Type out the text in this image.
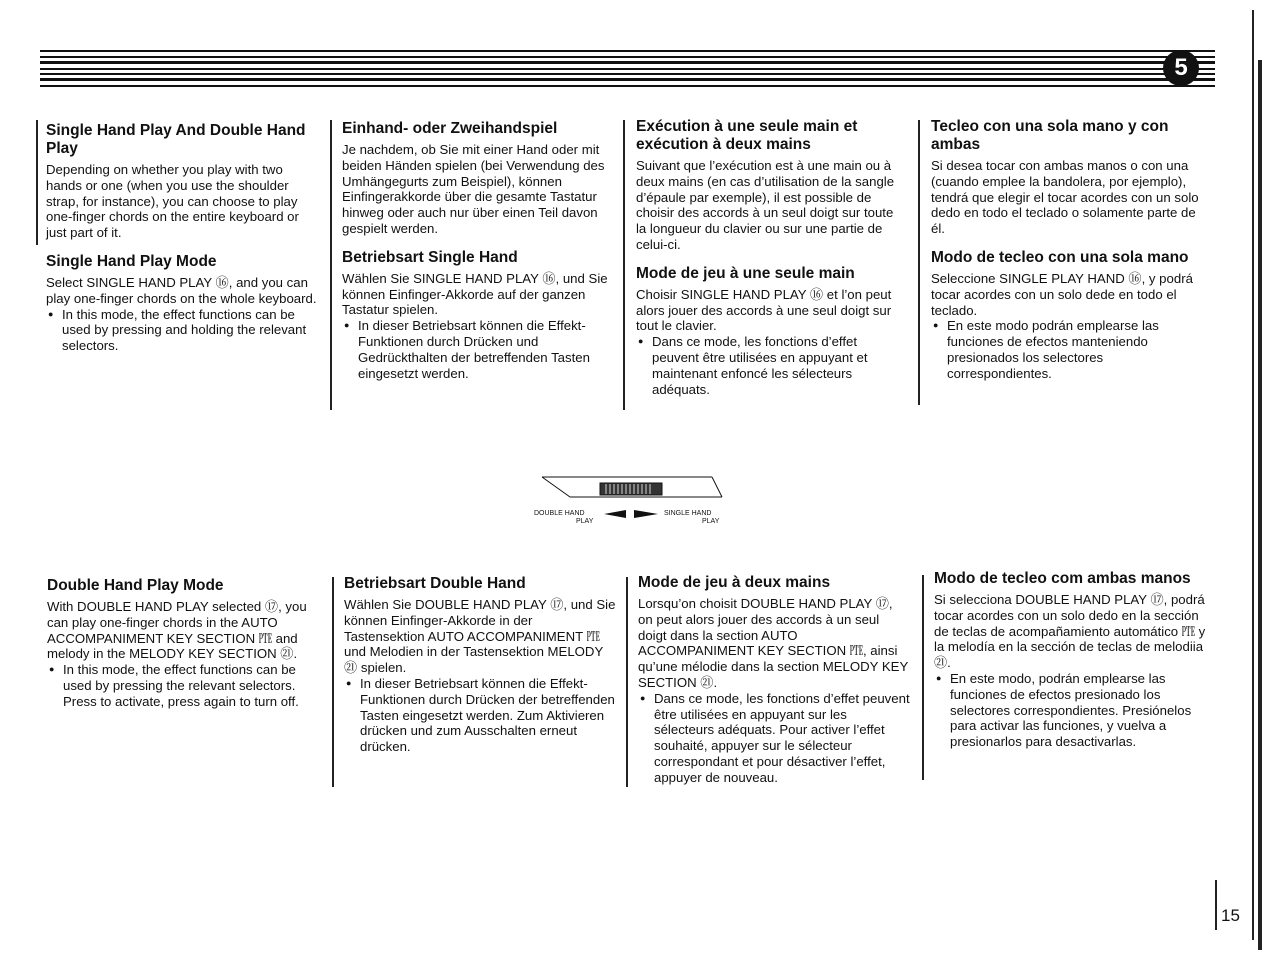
5
Single Hand Play And Double Hand Play

Depending on whether you play with two hands or one (when you use the shoulder strap, for instance), you can choose to play one-finger chords on the entire keyboard or just part of it.

Single Hand Play Mode

Select SINGLE HAND PLAY ⑯, and you can play one-finger chords on the whole keyboard.

● In this mode, the effect functions can be used by pressing and holding the relevant selectors.
Einhand- oder Zweihandspiel

Je nachdem, ob Sie mit einer Hand oder mit beiden Händen spielen (bei Verwendung des Umhängegurts zum Beispiel), können Einfingerakkorde über die gesamte Tastatur hinweg oder auch nur über einen Teil davon gespielt werden.

Betriebsart Single Hand

Wählen Sie SINGLE HAND PLAY ⑯, und Sie können Einfinger-Akkorde auf der ganzen Tastatur spielen.

● In dieser Betriebsart können die Effekt-Funktionen durch Drücken und Gedrückthalten der betreffenden Tasten eingesetzt werden.
Exécution à une seule main et exécution à deux mains

Suivant que l’exécution est à une main ou à deux mains (en cas d’utilisation de la sangle d’épaule par exemple), il est possible de choisir des accords à un seul doigt sur toute la longueur du clavier ou sur une partie de celui-ci.

Mode de jeu à une seule main

Choisir SINGLE HAND PLAY ⑯ et l’on peut alors jouer des accords à une seul doigt sur tout le clavier.

● Dans ce mode, les fonctions d’effet peuvent être utilisées en appuyant et maintenant enfoncé les sélecteurs adéquats.
Tecleo con una sola mano y con ambas

Si desea tocar con ambas manos o con una (cuando emplee la bandolera, por ejemplo), tendrá que elegir el tocar acordes con un solo dedo en todo el teclado o solamente parte de él.

Modo de tecleo con una sola mano

Seleccione SINGLE PLAY HAND ⑯, y podrá tocar acordes con un solo dede en todo el teclado.

● En este modo podrán emplearse las funciones de efectos manteniendo presionados los selectores correspondientes.
DOUBLE HAND
PLAY
SINGLE HAND
PLAY
Double Hand Play Mode

With DOUBLE HAND PLAY selected ⑰, you can play one-finger chords in the AUTO ACCOMPANIMENT KEY SECTION ㉐ and melody in the MELODY KEY SECTION ㉑.

● In this mode, the effect functions can be used by pressing the relevant selectors. Press to activate, press again to turn off.
Betriebsart Double Hand

Wählen Sie DOUBLE HAND PLAY ⑰, und Sie können Einfinger-Akkorde in der Tastensektion AUTO ACCOMPANIMENT ㉐ und Melodien in der Tastensektion MELODY ㉑ spielen.

● In dieser Betriebsart können die Effekt-Funktionen durch Drücken der betreffenden Tasten eingesetzt werden. Zum Aktivieren drücken und zum Ausschalten erneut drücken.
Mode de jeu à deux mains

Lorsqu’on choisit DOUBLE HAND PLAY ⑰, on peut alors jouer des accords à un seul doigt dans la section AUTO ACCOMPANIMENT KEY SECTION ㉐, ainsi qu’une mélodie dans la section MELODY KEY SECTION ㉑.

● Dans ce mode, les fonctions d’effet peuvent être utilisées en appuyant sur les sélecteurs adéquats. Pour activer l’effet souhaité, appuyer sur le sélecteur correspondant et pour désactiver l’effet, appuyer de nouveau.
Modo de tecleo com ambas manos

Si selecciona DOUBLE HAND PLAY ⑰, podrá tocar acordes con un solo dedo en la sección de teclas de acompañamiento automático ㉐ y la melodía en la sección de teclas de melodiia ㉑.

● En este modo, podrán emplearse las funciones de efectos presionado los selectores correspondientes. Presiónelos para activar las funciones, y vuelva a presionarlos para desactivarlas.
15
